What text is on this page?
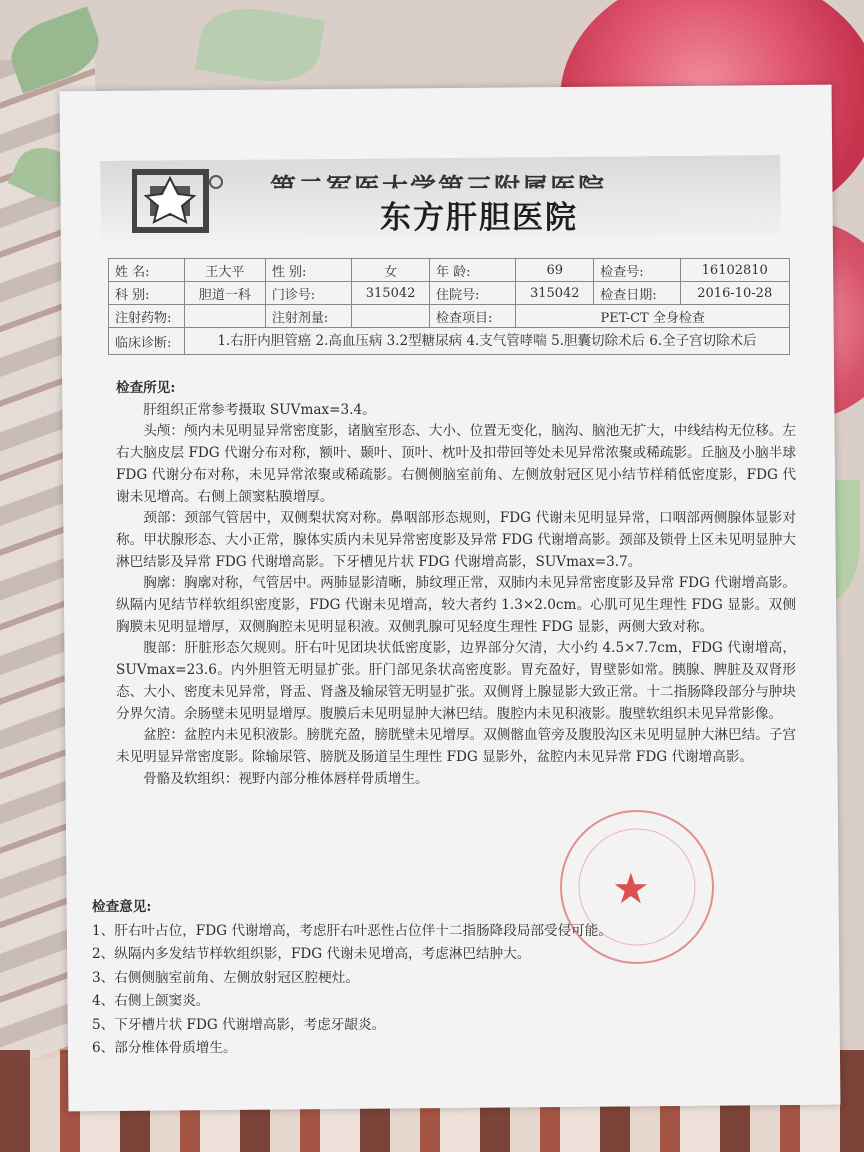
东方肝胆医院
姓 名:	王大平	性 别:	女	年 龄:	69	检查号:	16102810
科 别:	胆道一科	门诊号:	315042	住院号:	315042	检查日期:	2016-10-28
注射药物:		注射剂量:		检查项目:	PET-CT 全身检查		
临床诊断:	1.右肝内胆管癌 2.高血压病 3.2型糖尿病 4.支气管哮喘 5.胆囊切除术后 6.全子宫切除术后						

检查所见:

肝组织正常参考摄取 SUVmax=3.4。

头颅：颅内未见明显异常密度影，诸脑室形态、大小、位置无变化，脑沟、脑池无扩大，中线结构无位移。左右大脑皮层 FDG 代谢分布对称，额叶、颞叶、顶叶、枕叶及扣带回等处未见异常浓聚或稀疏影。丘脑及小脑半球 FDG 代谢分布对称，未见异常浓聚或稀疏影。右侧侧脑室前角、左侧放射冠区见小结节样稍低密度影，FDG 代谢未见增高。右侧上颌窦粘膜增厚。

颈部：颈部气管居中，双侧梨状窝对称。鼻咽部形态规则，FDG 代谢未见明显异常，口咽部两侧腺体显影对称。甲状腺形态、大小正常，腺体实质内未见异常密度影及异常 FDG 代谢增高影。颈部及锁骨上区未见明显肿大淋巴结影及异常 FDG 代谢增高影。下牙槽见片状 FDG 代谢增高影，SUVmax=3.7。

胸廓：胸廓对称，气管居中。两肺显影清晰，肺纹理正常，双肺内未见异常密度影及异常 FDG 代谢增高影。纵隔内见结节样软组织密度影，FDG 代谢未见增高，较大者约 1.3×2.0cm。心肌可见生理性 FDG 显影。双侧胸膜未见明显增厚，双侧胸腔未见明显积液。双侧乳腺可见轻度生理性 FDG 显影，两侧大致对称。

腹部：肝脏形态欠规则。肝右叶见团块状低密度影，边界部分欠清，大小约 4.5×7.7cm，FDG 代谢增高，SUVmax=23.6。内外胆管无明显扩张。肝门部见条状高密度影。胃充盈好，胃壁影如常。胰腺、脾脏及双肾形态、大小、密度未见异常，肾盂、肾盏及输尿管无明显扩张。双侧肾上腺显影大致正常。十二指肠降段部分与肿块分界欠清。余肠壁未见明显增厚。腹膜后未见明显肿大淋巴结。腹腔内未见积液影。腹壁软组织未见异常影像。

盆腔：盆腔内未见积液影。膀胱充盈，膀胱壁未见增厚。双侧髂血管旁及腹股沟区未见明显肿大淋巴结。子宫未见明显异常密度影。除输尿管、膀胱及肠道呈生理性 FDG 显影外，盆腔内未见异常 FDG 代谢增高影。

骨骼及软组织：视野内部分椎体唇样骨质增生。

★

检查意见:

1、肝右叶占位，FDG 代谢增高，考虑肝右叶恶性占位伴十二指肠降段局部受侵可能。

2、纵隔内多发结节样软组织影，FDG 代谢未见增高，考虑淋巴结肿大。

3、右侧侧脑室前角、左侧放射冠区腔梗灶。

4、右侧上颌窦炎。

5、下牙槽片状 FDG 代谢增高影，考虑牙龈炎。

6、部分椎体骨质增生。
